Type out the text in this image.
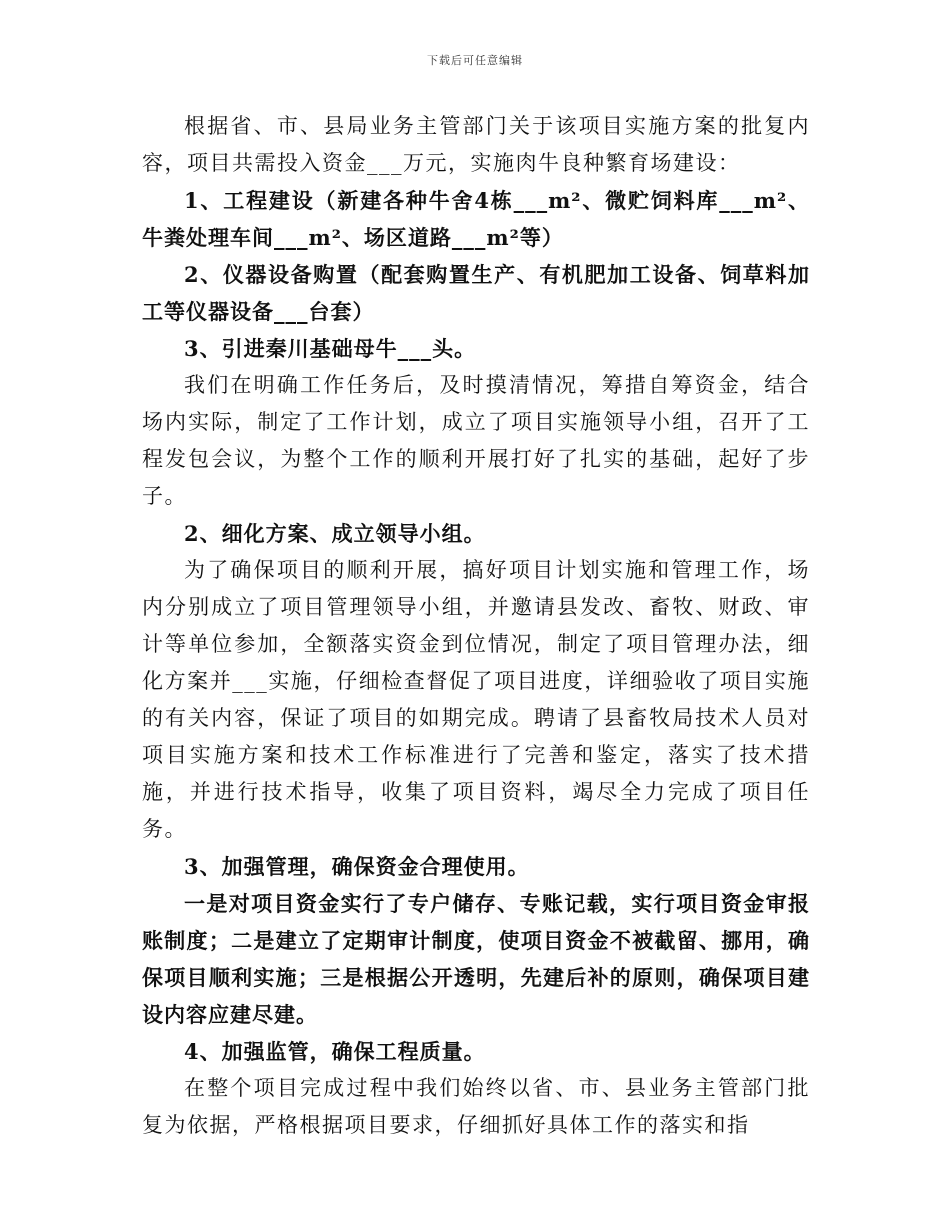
下载后可任意编辑

根据省、市、县局业务主管部门关于该项目实施方案的批复内容，项目共需投入资金___万元，实施肉牛良种繁育场建设：

1、工程建设（新建各种牛舍4栋___m²、微贮饲料库___m²、牛粪处理车间___m²、场区道路___m²等）

2、仪器设备购置（配套购置生产、有机肥加工设备、饲草料加工等仪器设备___台套）

3、引进秦川基础母牛___头。

我们在明确工作任务后，及时摸清情况，筹措自筹资金，结合场内实际，制定了工作计划，成立了项目实施领导小组，召开了工程发包会议，为整个工作的顺利开展打好了扎实的基础，起好了步子。

2、细化方案、成立领导小组。

为了确保项目的顺利开展，搞好项目计划实施和管理工作，场内分别成立了项目管理领导小组，并邀请县发改、畜牧、财政、审计等单位参加，全额落实资金到位情况，制定了项目管理办法，细化方案并___实施，仔细检查督促了项目进度，详细验收了项目实施的有关内容，保证了项目的如期完成。聘请了县畜牧局技术人员对项目实施方案和技术工作标准进行了完善和鉴定，落实了技术措施，并进行技术指导，收集了项目资料，竭尽全力完成了项目任务。

3、加强管理，确保资金合理使用。

一是对项目资金实行了专户储存、专账记载，实行项目资金审报账制度；二是建立了定期审计制度，使项目资金不被截留、挪用，确保项目顺利实施；三是根据公开透明，先建后补的原则，确保项目建设内容应建尽建。

4、加强监管，确保工程质量。

在整个项目完成过程中我们始终以省、市、县业务主管部门批复为依据，严格根据项目要求，仔细抓好具体工作的落实和指
